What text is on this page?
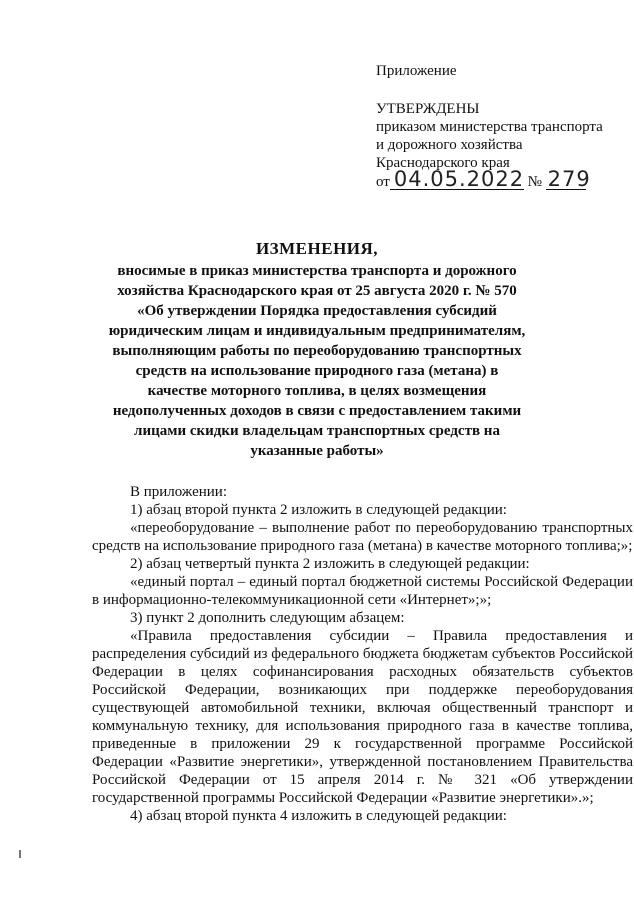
Приложение
УТВЕРЖДЕНЫ
приказом министерства транспорта
и дорожного хозяйства
Краснодарского края
от 04.05.2022 № 279
ИЗМЕНЕНИЯ,
вносимые в приказ министерства транспорта и дорожного
хозяйства Краснодарского края от 25 августа 2020 г. № 570
«Об утверждении Порядка предоставления субсидий
юридическим лицам и индивидуальным предпринимателям,
выполняющим работы по переоборудованию транспортных
средств на использование природного газа (метана) в
качестве моторного топлива, в целях возмещения
недополученных доходов в связи с предоставлением такими
лицами скидки владельцам транспортных средств на
указанные работы»

В приложении:

1) абзац второй пункта 2 изложить в следующей редакции:

«переоборудование – выполнение работ по переоборудованию транспортных средств на использование природного газа (метана) в качестве моторного топлива;»;

2) абзац четвертый пункта 2 изложить в следующей редакции:

«единый портал – единый портал бюджетной системы Российской Федерации в информационно-телекоммуникационной сети «Интернет»;»;

3) пункт 2 дополнить следующим абзацем:

«Правила предоставления субсидии – Правила предоставления и распределения субсидий из федерального бюджета бюджетам субъектов Российской Федерации в целях софинансирования расходных обязательств субъектов Российской Федерации, возникающих при поддержке переоборудования существующей автомобильной техники, включая общественный транспорт и коммунальную технику, для использования природного газа в качестве топлива, приведенные в приложении 29 к государственной программе Российской Федерации «Развитие энергетики», утвержденной постановлением Правительства Российской Федерации от 15 апреля 2014 г. № 321 «Об утверждении государственной программы Российской Федерации «Развитие энергетики».»;

4) абзац второй пункта 4 изложить в следующей редакции:
